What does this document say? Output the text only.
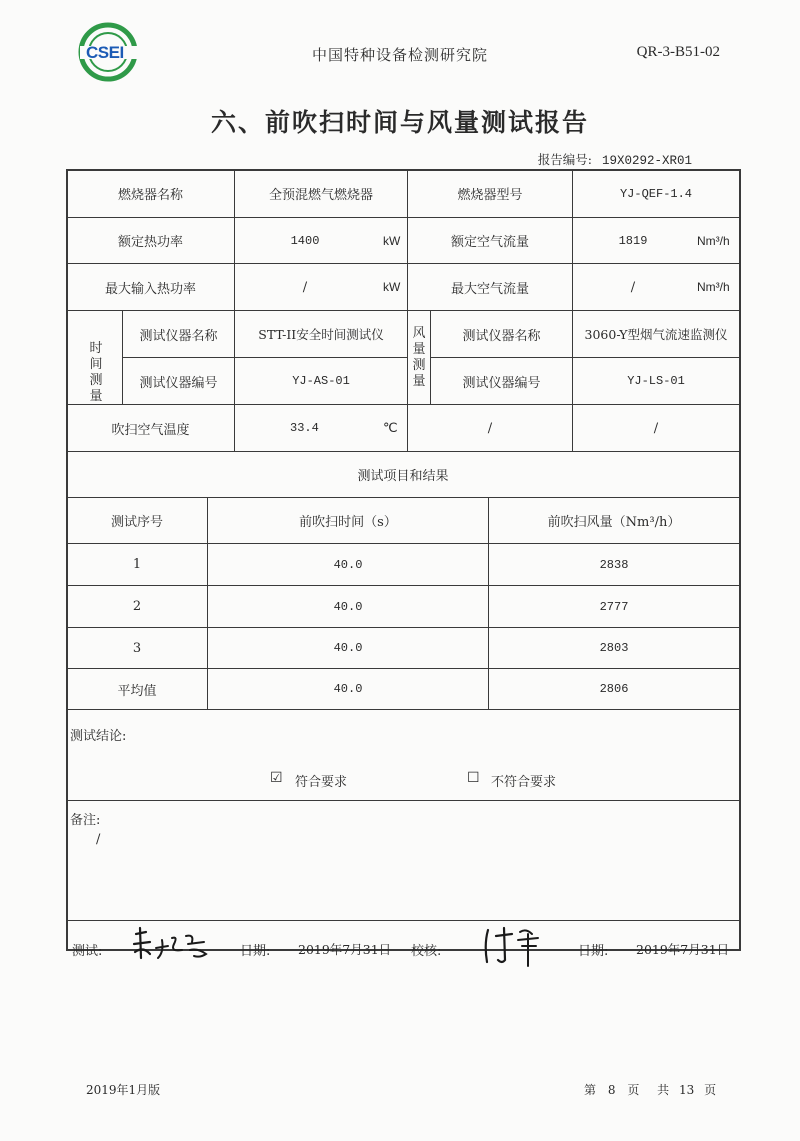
CSEI	中国特种设备检测研究院	QR-3-B51-02
六、前吹扫时间与风量测试报告
报告编号: 19X0292-XR01
燃烧器名称	全预混燃气燃烧器	燃烧器型号	YJ-QEF-1.4
额定热功率	1400	kW	额定空气流量	1819	Nm³/h
最大输入热功率	/	kW	最大空气流量	/	Nm³/h
时间测量
测试仪器名称	STT-II安全时间测试仪
测试仪器编号	YJ-AS-01
风量测量
测试仪器名称	3060-Y型烟气流速监测仪
测试仪器编号	YJ-LS-01
吹扫空气温度	33.4	℃	/	/
测试项目和结果
测试序号	前吹扫时间（s）	前吹扫风量（Nm³/h）
1	40.0	2838
2	40.0	2777
3	40.0	2803
平均值	40.0	2806
测试结论:
☑ 符合要求	☐ 不符合要求
备注:
/
测试:	日期: 2019年7月31日 校核:	日期: 2019年7月31日
2019年1月版	第 8 页 共 13 页
